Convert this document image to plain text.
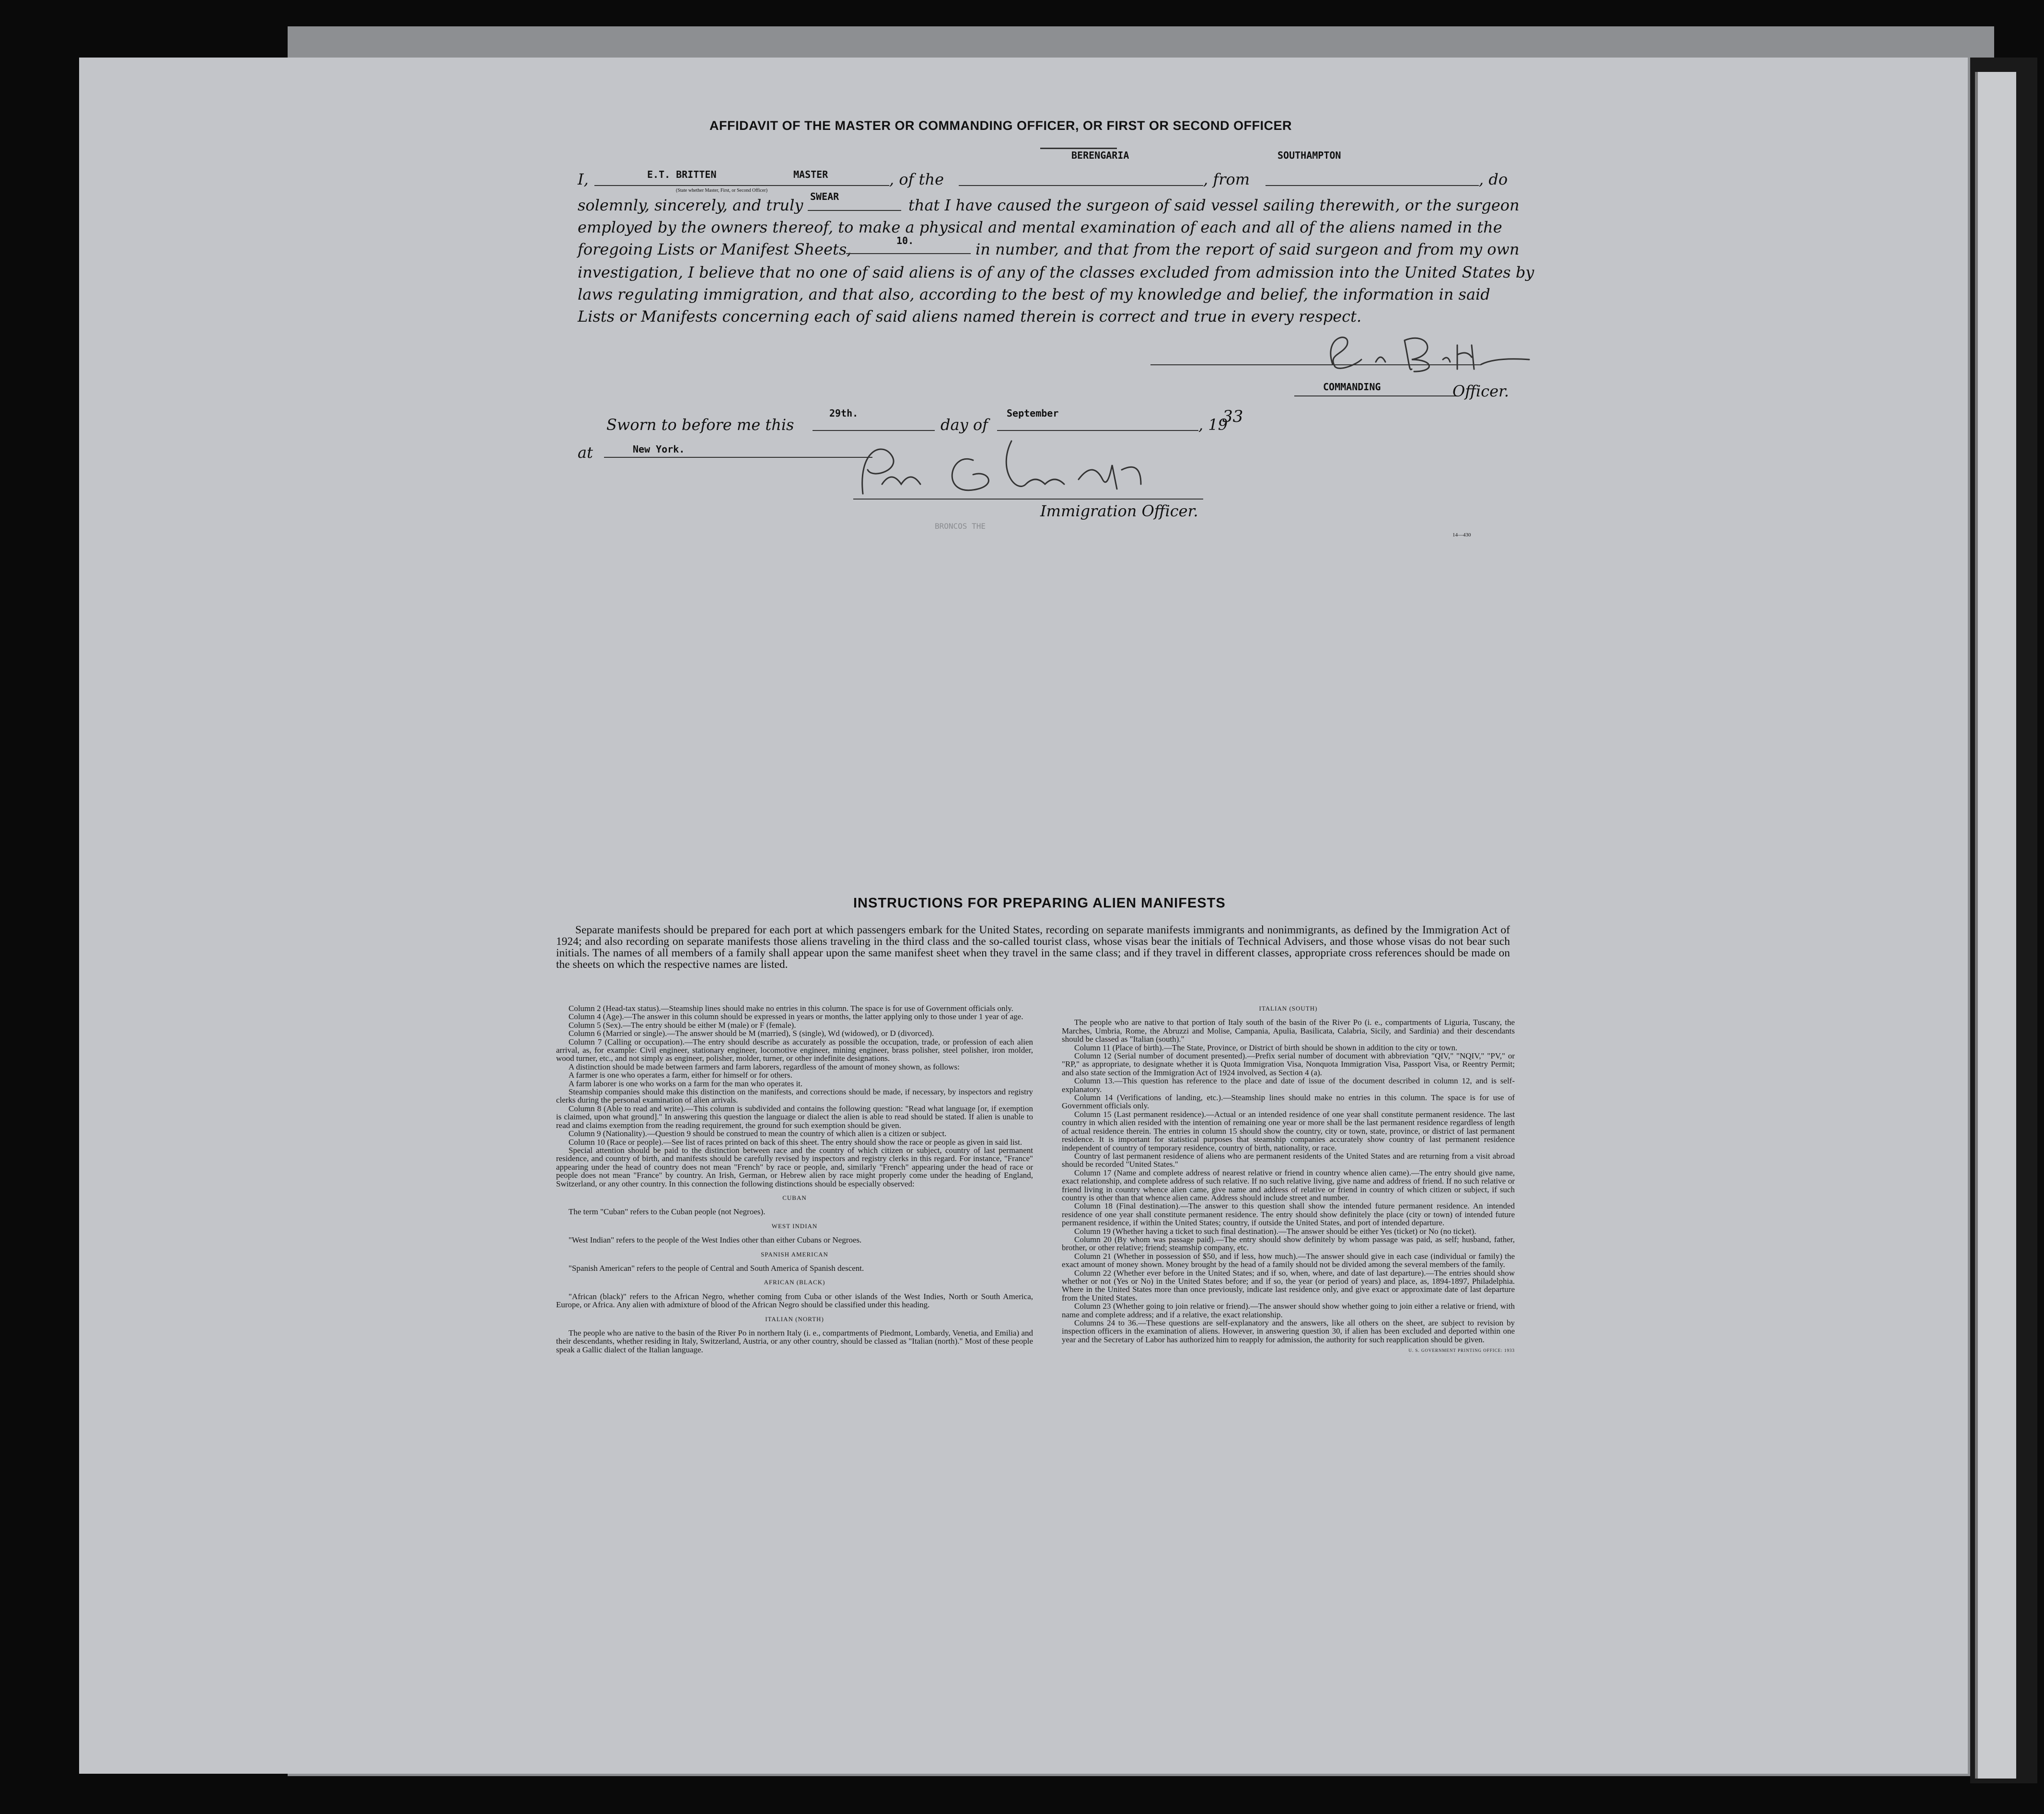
AFFIDAVIT OF THE MASTER OR COMMANDING OFFICER, OR FIRST OR SECOND OFFICER
I,	E.T. BRITTEN	MASTER	, of the
BERENGARIA
, from
SOUTHAMPTON
, do
(State whether Master, First, or Second Officer)
solemnly, sincerely, and truly SWEAR	that I have caused the surgeon of said vessel sailing therewith, or the surgeon
employed by the owners thereof, to make a physical and mental examination of each and all of the aliens named in the
foregoing Lists or Manifest Sheets,	10.	in number, and that from the report of said surgeon and from my own
investigation, I believe that no one of said aliens is of any of the classes excluded from admission into the United States by
laws regulating immigration, and that also, according to the best of my knowledge and belief, the information in said
Lists or Manifests concerning each of said aliens named therein is correct and true in every respect.
COMMANDING	Officer.
Sworn to before me this
29th.
day of
September
, 19
33
at	New York.
Immigration Officer.
BRONCOS THE
14—430
INSTRUCTIONS FOR PREPARING ALIEN MANIFESTS
Separate manifests should be prepared for each port at which passengers embark for the United States, recording on separate manifests immigrants and nonimmigrants, as defined by the Immigration Act of 1924; and also recording on separate manifests those aliens traveling in the third class and the so-called tourist class, whose visas bear the initials of Technical Advisers, and those whose visas do not bear such initials. The names of all members of a family shall appear upon the same manifest sheet when they travel in the same class; and if they travel in different classes, appropriate cross references should be made on the sheets on which the respective names are listed.

Column 2 (Head-tax status).—Steamship lines should make no entries in this column. The space is for use of Government officials only.

Column 4 (Age).—The answer in this column should be expressed in years or months, the latter applying only to those under 1 year of age.

Column 5 (Sex).—The entry should be either M (male) or F (female).

Column 6 (Married or single).—The answer should be M (married), S (single), Wd (widowed), or D (divorced).

Column 7 (Calling or occupation).—The entry should describe as accurately as possible the occupation, trade, or profession of each alien arrival, as, for example: Civil engineer, stationary engineer, locomotive engineer, mining engineer, brass polisher, steel polisher, iron molder, wood turner, etc., and not simply as engineer, polisher, molder, turner, or other indefinite designations.

A distinction should be made between farmers and farm laborers, regardless of the amount of money shown, as follows:

A farmer is one who operates a farm, either for himself or for others.

A farm laborer is one who works on a farm for the man who operates it.

Steamship companies should make this distinction on the manifests, and corrections should be made, if necessary, by inspectors and registry clerks during the personal examination of alien arrivals.

Column 8 (Able to read and write).—This column is subdivided and contains the following question: "Read what language [or, if exemption is claimed, upon what ground]." In answering this question the language or dialect the alien is able to read should be stated. If alien is unable to read and claims exemption from the reading requirement, the ground for such exemption should be given.

Column 9 (Nationality).—Question 9 should be construed to mean the country of which alien is a citizen or subject.

Column 10 (Race or people).—See list of races printed on back of this sheet. The entry should show the race or people as given in said list.

Special attention should be paid to the distinction between race and the country of which citizen or subject, country of last permanent residence, and country of birth, and manifests should be carefully revised by inspectors and registry clerks in this regard. For instance, "France" appearing under the head of country does not mean "French" by race or people, and, similarly "French" appearing under the head of race or people does not mean "France" by country. An Irish, German, or Hebrew alien by race might properly come under the heading of England, Switzerland, or any other country. In this connection the following distinctions should be especially observed:

CUBAN

The term "Cuban" refers to the Cuban people (not Negroes).

WEST INDIAN

"West Indian" refers to the people of the West Indies other than either Cubans or Negroes.

SPANISH AMERICAN

"Spanish American" refers to the people of Central and South America of Spanish descent.

AFRICAN (BLACK)

"African (black)" refers to the African Negro, whether coming from Cuba or other islands of the West Indies, North or South America, Europe, or Africa. Any alien with admixture of blood of the African Negro should be classified under this heading.

ITALIAN (NORTH)

The people who are native to the basin of the River Po in northern Italy (i. e., compartments of Piedmont, Lombardy, Venetia, and Emilia) and their descendants, whether residing in Italy, Switzerland, Austria, or any other country, should be classed as "Italian (north)." Most of these people speak a Gallic dialect of the Italian language.

ITALIAN (SOUTH)

The people who are native to that portion of Italy south of the basin of the River Po (i. e., compartments of Liguria, Tuscany, the Marches, Umbria, Rome, the Abruzzi and Molise, Campania, Apulia, Basilicata, Calabria, Sicily, and Sardinia) and their descendants should be classed as "Italian (south)."

Column 11 (Place of birth).—The State, Province, or District of birth should be shown in addition to the city or town.

Column 12 (Serial number of document presented).—Prefix serial number of document with abbreviation "QIV," "NQIV," "PV," or "RP," as appropriate, to designate whether it is Quota Immigration Visa, Nonquota Immigration Visa, Passport Visa, or Reentry Permit; and also state section of the Immigration Act of 1924 involved, as Section 4 (a).

Column 13.—This question has reference to the place and date of issue of the document described in column 12, and is self-explanatory.

Column 14 (Verifications of landing, etc.).—Steamship lines should make no entries in this column. The space is for use of Government officials only.

Column 15 (Last permanent residence).—Actual or an intended residence of one year shall constitute permanent residence. The last country in which alien resided with the intention of remaining one year or more shall be the last permanent residence regardless of length of actual residence therein. The entries in column 15 should show the country, city or town, state, province, or district of last permanent residence. It is important for statistical purposes that steamship companies accurately show country of last permanent residence independent of country of temporary residence, country of birth, nationality, or race.

Country of last permanent residence of aliens who are permanent residents of the United States and are returning from a visit abroad should be recorded "United States."

Column 17 (Name and complete address of nearest relative or friend in country whence alien came).—The entry should give name, exact relationship, and complete address of such relative. If no such relative living, give name and address of friend. If no such relative or friend living in country whence alien came, give name and address of relative or friend in country of which citizen or subject, if such country is other than that whence alien came. Address should include street and number.

Column 18 (Final destination).—The answer to this question shall show the intended future permanent residence. An intended residence of one year shall constitute permanent residence. The entry should show definitely the place (city or town) of intended future permanent residence, if within the United States; country, if outside the United States, and port of intended departure.

Column 19 (Whether having a ticket to such final destination).—The answer should be either Yes (ticket) or No (no ticket).

Column 20 (By whom was passage paid).—The entry should show definitely by whom passage was paid, as self; husband, father, brother, or other relative; friend; steamship company, etc.

Column 21 (Whether in possession of $50, and if less, how much).—The answer should give in each case (individual or family) the exact amount of money shown. Money brought by the head of a family should not be divided among the several members of the family.

Column 22 (Whether ever before in the United States; and if so, when, where, and date of last departure).—The entries should show whether or not (Yes or No) in the United States before; and if so, the year (or period of years) and place, as, 1894-1897, Philadelphia. Where in the United States more than once previously, indicate last residence only, and give exact or approximate date of last departure from the United States.

Column 23 (Whether going to join relative or friend).—The answer should show whether going to join either a relative or friend, with name and complete address; and if a relative, the exact relationship.

Columns 24 to 36.—These questions are self-explanatory and the answers, like all others on the sheet, are subject to revision by inspection officers in the examination of aliens. However, in answering question 30, if alien has been excluded and deported within one year and the Secretary of Labor has authorized him to reapply for admission, the authority for such reapplication should be given.

U. S. GOVERNMENT PRINTING OFFICE: 1933
